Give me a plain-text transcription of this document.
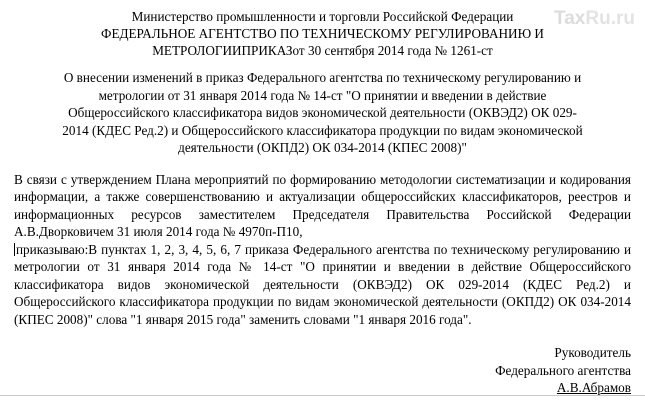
TaxRu.ru
Министерство промышленности и торговли Российской Федерации
ФЕДЕРАЛЬНОЕ АГЕНТСТВО ПО ТЕХНИЧЕСКОМУ РЕГУЛИРОВАНИЮ И
МЕТРОЛОГИИПРИКАЗот 30 сентября 2014 года № 1261-ст
О внесении изменений в приказ Федерального агентства по техническому регулированию и
метрологии от 31 января 2014 года № 14-ст "О принятии и введении в действие
Общероссийского классификатора видов экономической деятельности (ОКВЭД2) ОК 029-
2014 (КДЕС Ред.2) и Общероссийского классификатора продукции по видам экономической
деятельности (ОКПД2) ОК 034-2014 (КПЕС 2008)"

В связи с утверждением Плана мероприятий по формированию методологии систематизации и кодирования информации, а также совершенствованию и актуализации общероссийских классификаторов, реестров и информационных ресурсов заместителем Председателя Правительства Российской Федерации А.В.Дворковичем 31 июля 2014 года № 4970п-П10,

приказываю:В пунктах 1, 2, 3, 4, 5, 6, 7 приказа Федерального агентства по техническому регулированию и метрологии от 31 января 2014 года № 14-ст "О принятии и введении в действие Общероссийского классификатора видов экономической деятельности (ОКВЭД2) ОК 029-2014 (КДЕС Ред.2) и Общероссийского классификатора продукции по видам экономической деятельности (ОКПД2) ОК 034-2014 (КПЕС 2008)" слова "1 января 2015 года" заменить словами "1 января 2016 года".

Руководитель
Федерального агентства
А.В.Абрамов
